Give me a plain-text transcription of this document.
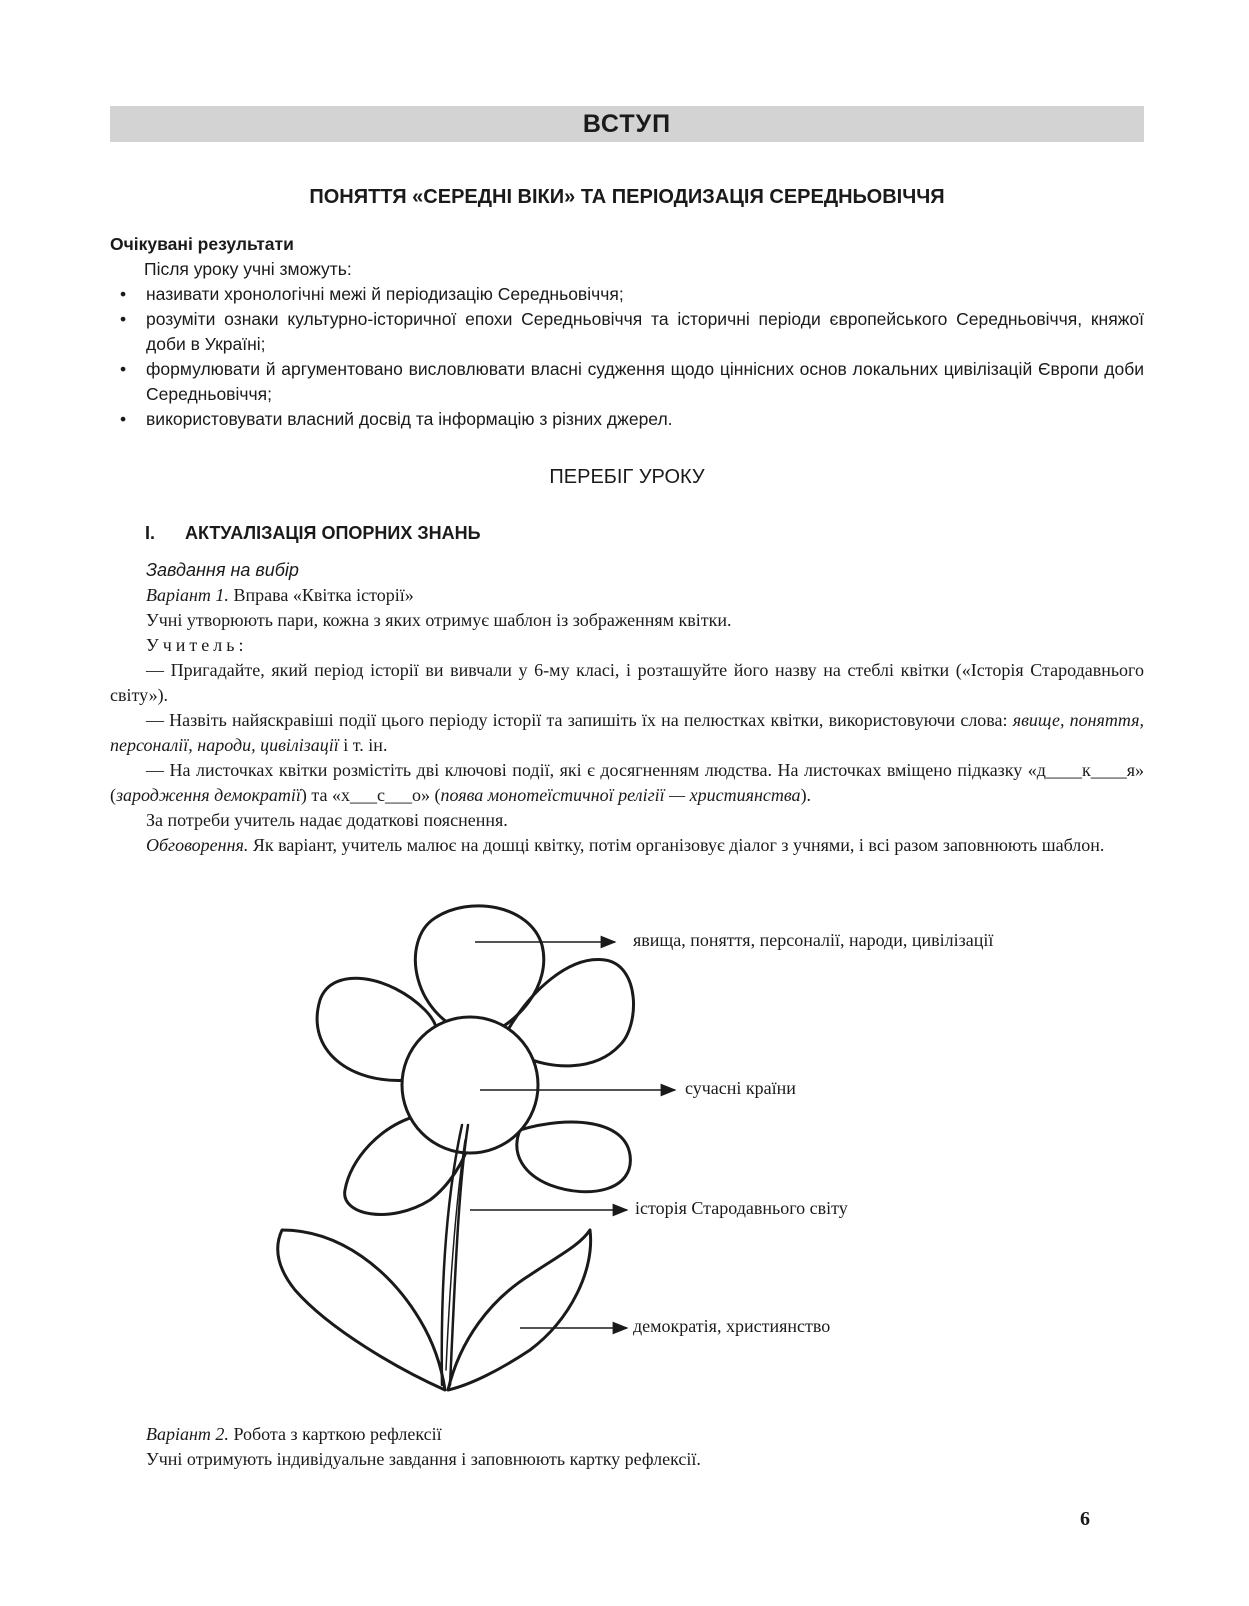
ВСТУП
ПОНЯТТЯ «СЕРЕДНІ ВІКИ» ТА ПЕРІОДИЗАЦІЯ СЕРЕДНЬОВІЧЧЯ
Очікувані результати
Після уроку учні зможуть:
• називати хронологічні межі й періодизацію Середньовіччя;
• розуміти ознаки культурно-історичної епохи Середньовіччя та історичні періоди європейського Середньовіччя, княжої доби в Україні;
• формулювати й аргументовано висловлювати власні судження щодо ціннісних основ локальних цивілізацій Європи доби Середньовіччя;
• використовувати власний досвід та інформацію з різних джерел.
ПЕРЕБІГ УРОКУ
I. АКТУАЛІЗАЦІЯ ОПОРНИХ ЗНАНЬ

Завдання на вибір

Варіант 1. Вправа «Квітка історії»

Учні утворюють пари, кожна з яких отримує шаблон із зображенням квітки.

Учитель:

— Пригадайте, який період історії ви вивчали у 6-му класі, і розташуйте його назву на стеблі квітки («Історія Стародавнього світу»).

— Назвіть найяскравіші події цього періоду історії та запишіть їх на пелюстках квітки, використовуючи слова: явище, поняття, персоналії, народи, цивілізації і т. ін.

— На листочках квітки розмістіть дві ключові події, які є досягненням людства. На листочках вміщено підказку «д____к____я» (зародження демократії) та «х___с___о» (поява монотеїстичної релігії — християнства).

За потреби учитель надає додаткові пояснення.

Обговорення. Як варіант, учитель малює на дошці квітку, потім організовує діалог з учнями, і всі разом заповнюють шаблон.

явища, поняття, персоналії, народи, цивілізації
сучасні країни
історія Стародавнього світу
демократія, християнство

Варіант 2. Робота з карткою рефлексії

Учні отримують індивідуальне завдання і заповнюють картку рефлексії.

6
